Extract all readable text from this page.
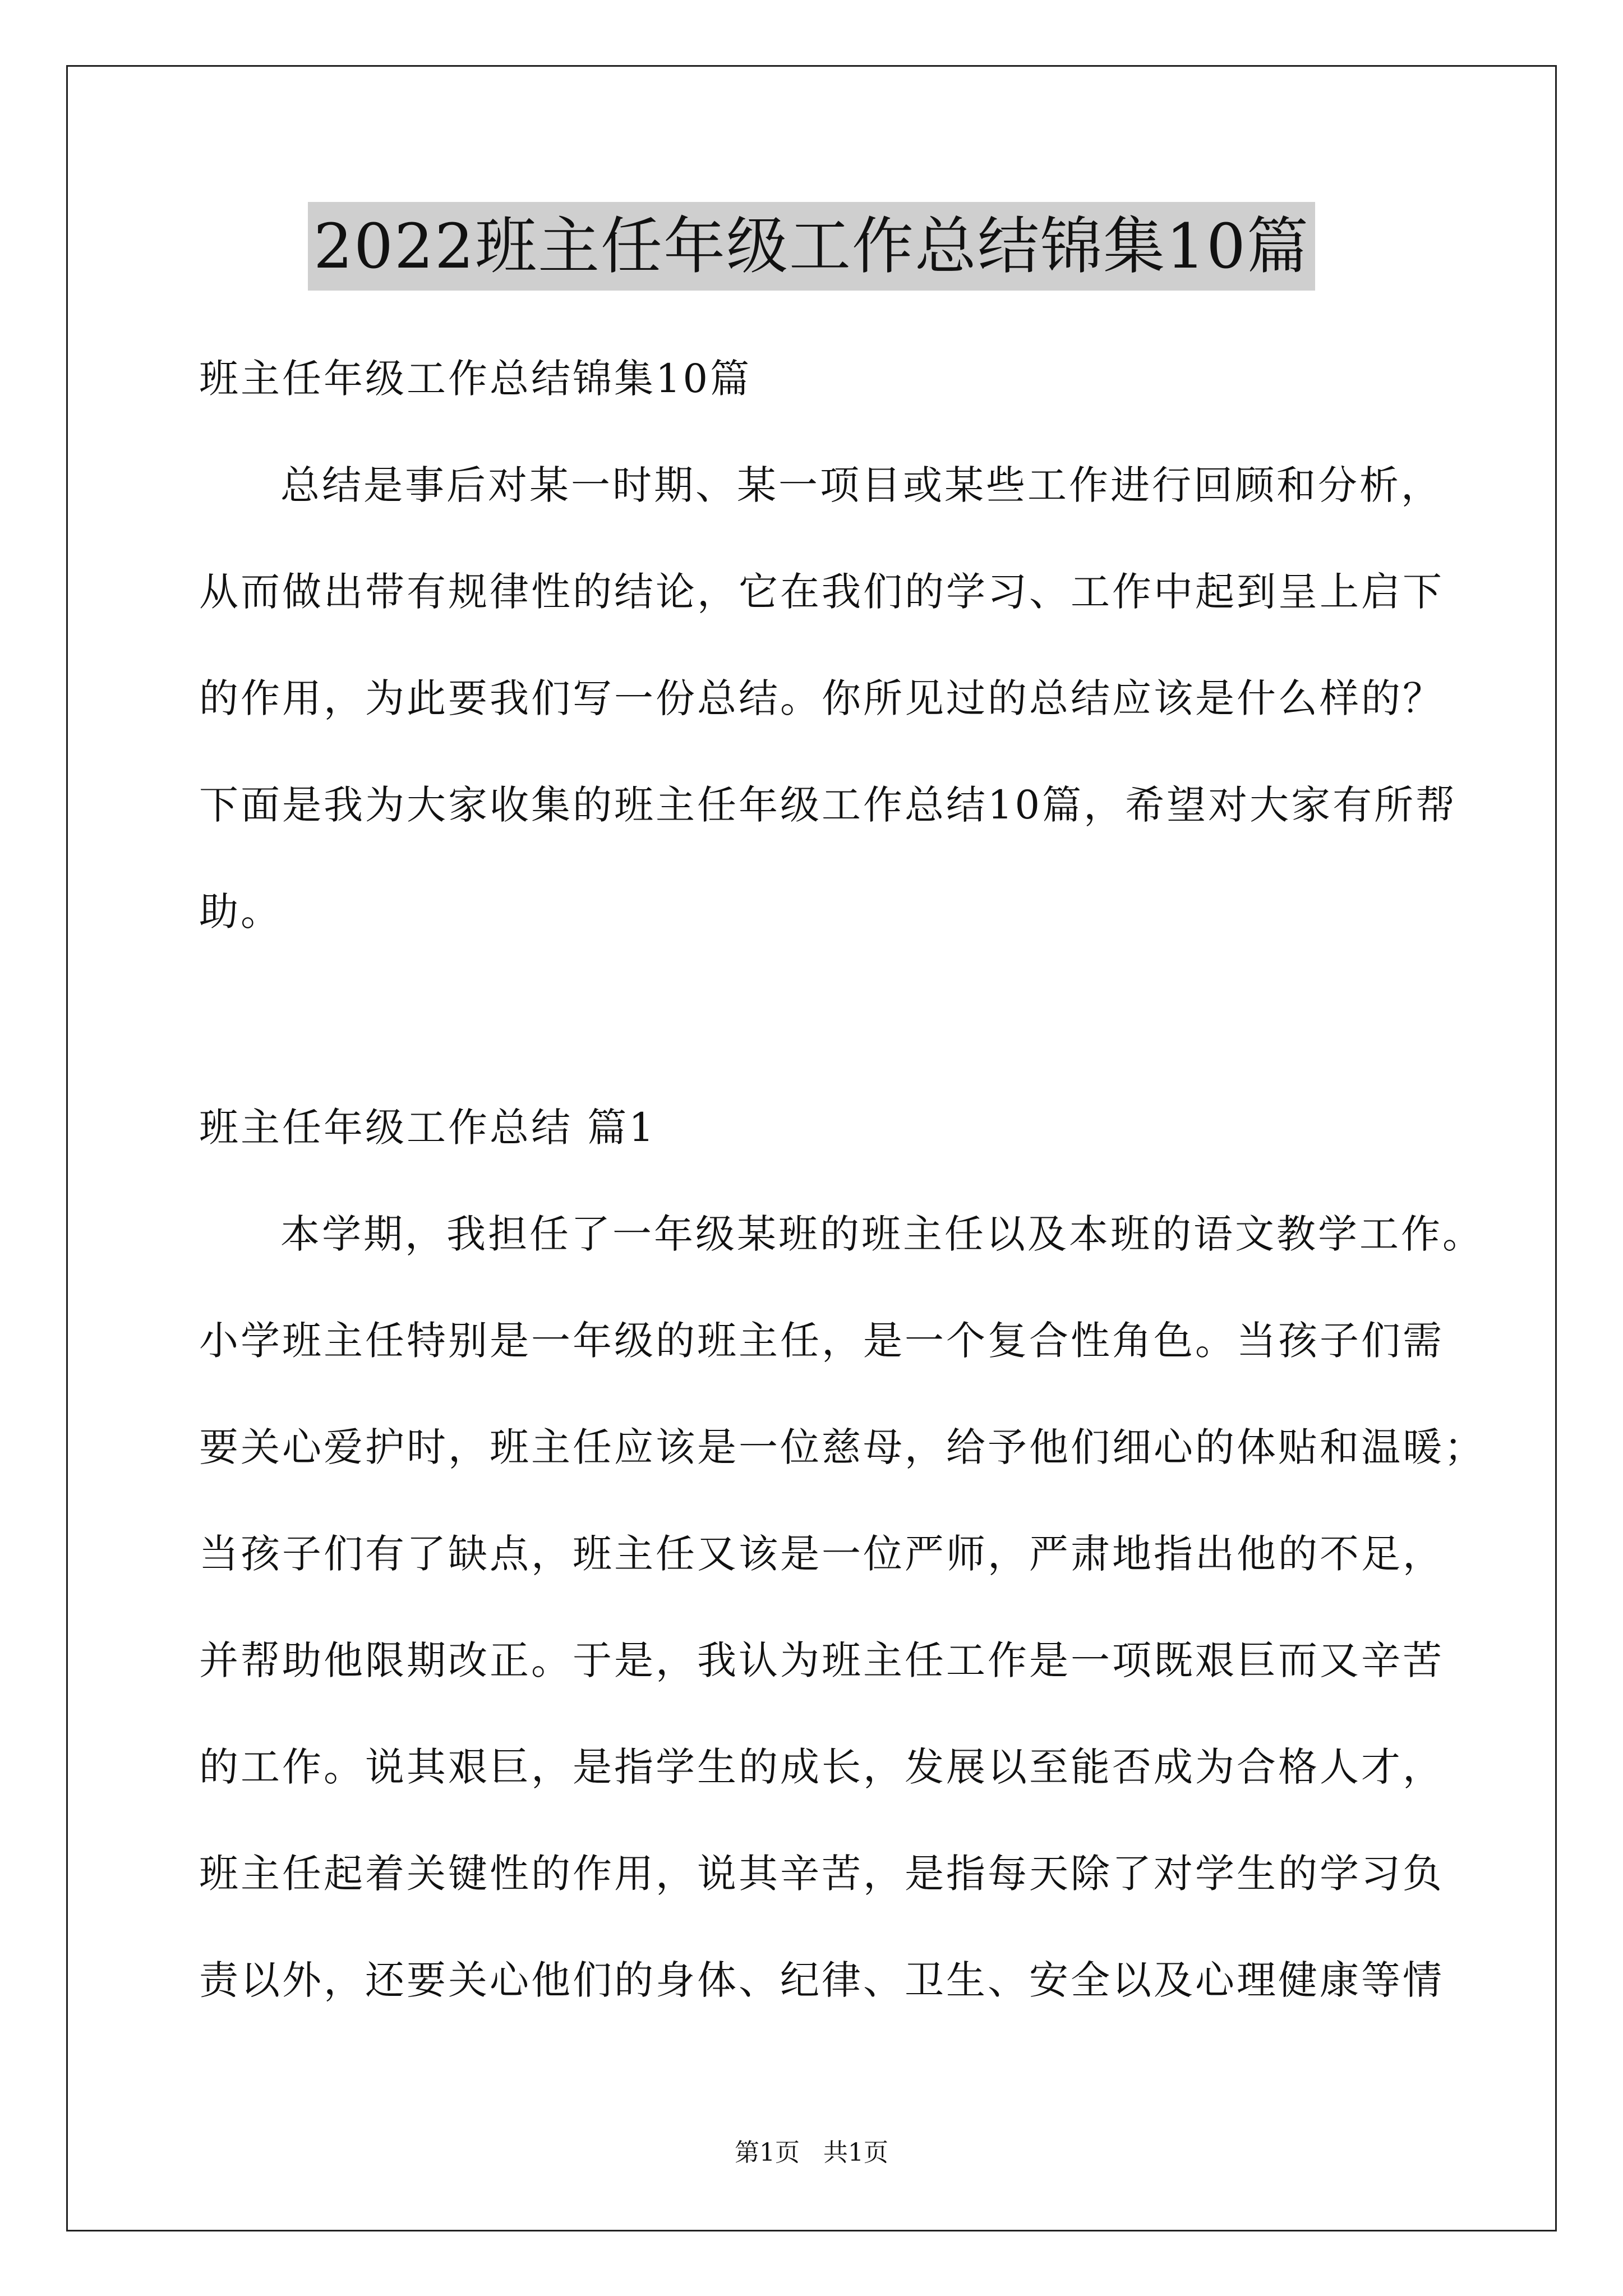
2022班主任年级工作总结锦集10篇
班主任年级工作总结锦集10篇
总结是事后对某一时期、某一项目或某些工作进行回顾和分析，
从而做出带有规律性的结论，它在我们的学习、工作中起到呈上启下
的作用，为此要我们写一份总结。你所见过的总结应该是什么样的？
下面是我为大家收集的班主任年级工作总结10篇，希望对大家有所帮
助。
班主任年级工作总结 篇1
本学期，我担任了一年级某班的班主任以及本班的语文教学工作。
小学班主任特别是一年级的班主任，是一个复合性角色。当孩子们需
要关心爱护时，班主任应该是一位慈母，给予他们细心的体贴和温暖；
当孩子们有了缺点，班主任又该是一位严师，严肃地指出他的不足，
并帮助他限期改正。于是，我认为班主任工作是一项既艰巨而又辛苦
的工作。说其艰巨，是指学生的成长，发展以至能否成为合格人才，
班主任起着关键性的作用，说其辛苦，是指每天除了对学生的学习负
责以外，还要关心他们的身体、纪律、卫生、安全以及心理健康等情
第1页   共1页
